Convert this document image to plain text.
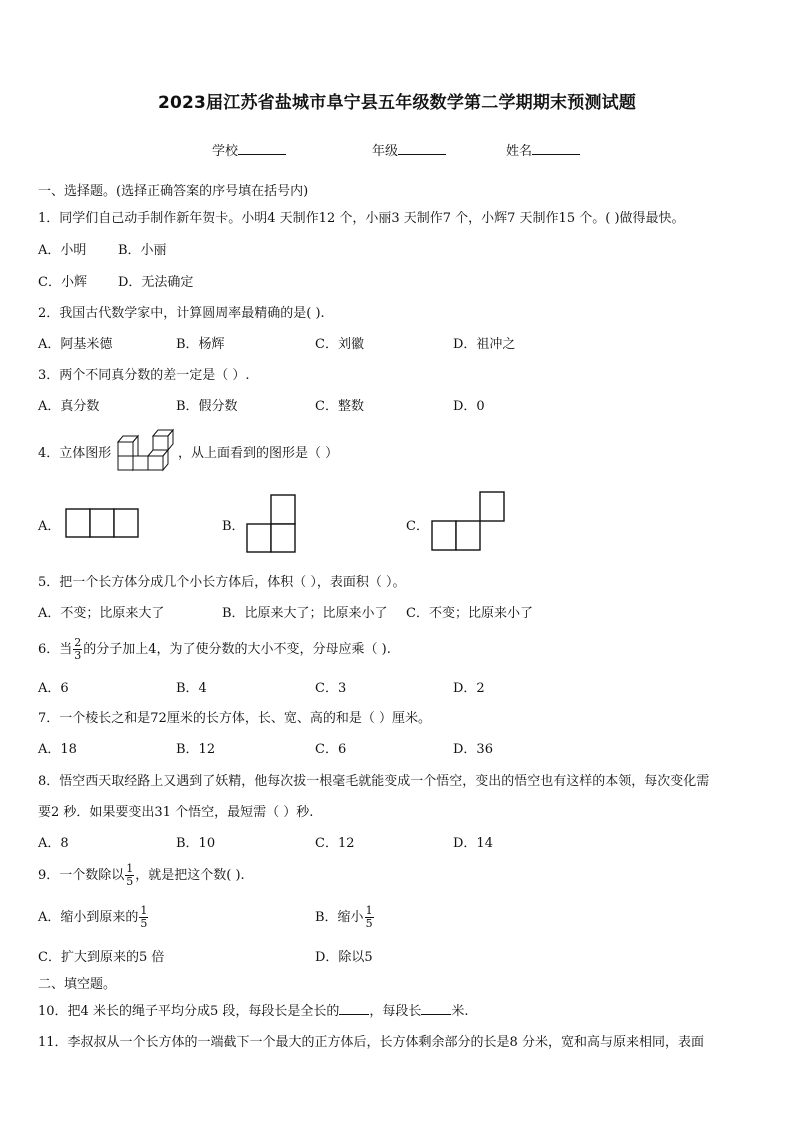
2023届江苏省盐城市阜宁县五年级数学第二学期期末预测试题
学校	年级	姓名
一、选择题。(选择正确答案的序号填在括号内)
1．同学们自己动手制作新年贺卡。小明4 天制作12 个，小丽3 天制作7 个，小辉7 天制作15 个。( )做得最快。
A．小明 B．小丽
C．小辉 D．无法确定
2．我国古代数学家中，计算圆周率最精确的是( ).
A．阿基米德	B．杨辉	C．刘徽	D．祖冲之
3．两个不同真分数的差一定是（ ）.
A．真分数	B．假分数	C．整数	D．0
4．立体图形	，从上面看到的图形是（ ）
A．	B．	C．
5．把一个长方体分成几个小长方体后，体积（ ），表面积（ ）。
A．不变；比原来大了	B．比原来大了；比原来小了 C．不变；比原来小了
6．当 $\frac{2}{3}$ 的分子加上4，为了使分数的大小不变，分母应乘（ ).
A．6	B．4	C．3	D．2
7．一个棱长之和是72厘米的长方体，长、宽、高的和是（ ）厘米。
A．18	B．12	C．6	D．36
8．悟空西天取经路上又遇到了妖精，他每次拔一根毫毛就能变成一个悟空，变出的悟空也有这样的本领，每次变化需
要2 秒．如果要变出31 个悟空，最短需（ ）秒.
A．8	B．10	C．12	D．14
9．一个数除以 $\frac{1}{5}$ ，就是把这个数( ).
A．缩小到原来的 $\frac{1}{5}$	B．缩小 $\frac{1}{5}$
C．扩大到原来的5 倍	D．除以5
二、填空题。
10．把4 米长的绳子平均分成5 段，每段长是全长的 ，每段长 米.
11．李叔叔从一个长方体的一端截下一个最大的正方体后，长方体剩余部分的长是8 分米，宽和高与原来相同，表面
